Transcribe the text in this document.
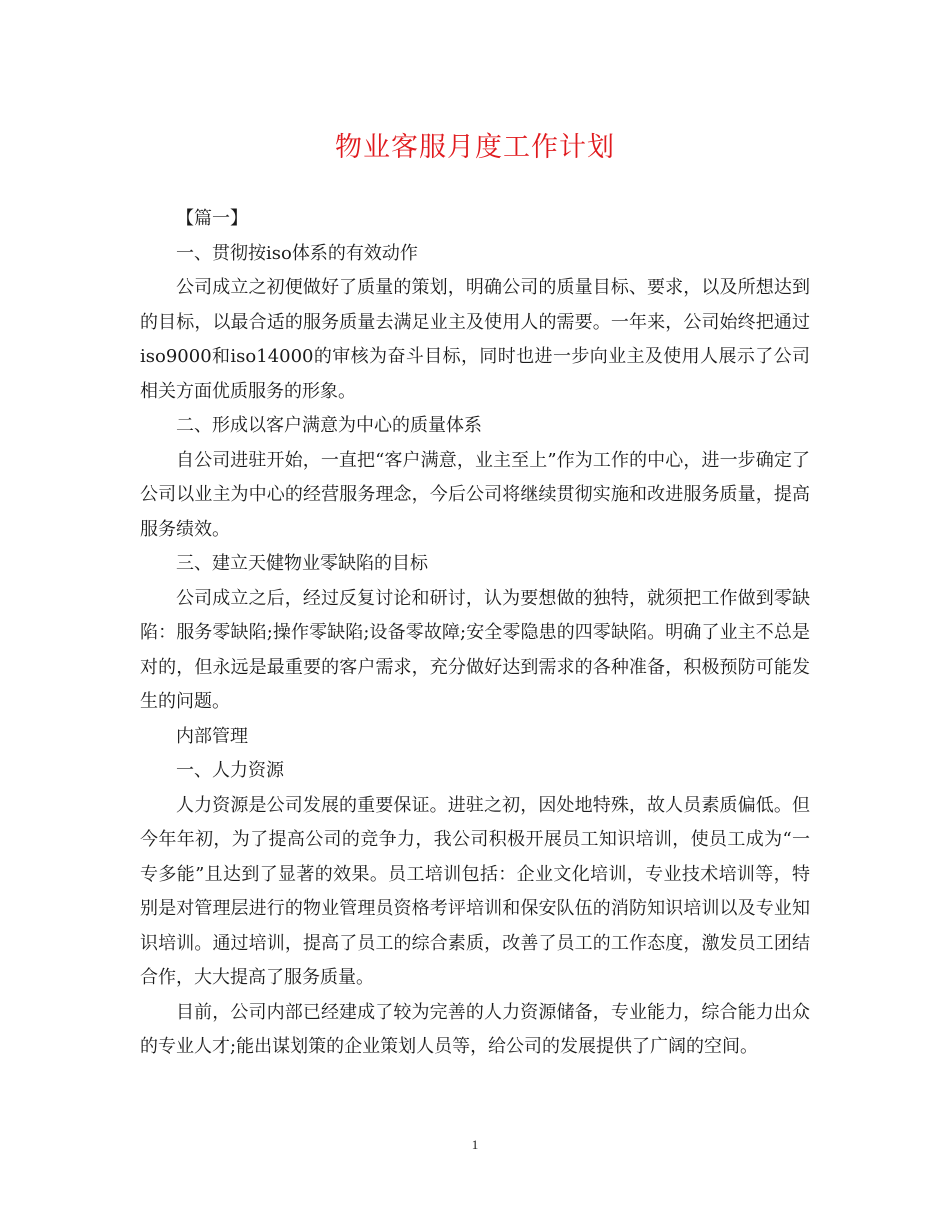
物业客服月度工作计划

【篇一】

一、贯彻按iso体系的有效动作

公司成立之初便做好了质量的策划，明确公司的质量目标、要求，以及所想达到的目标，以最合适的服务质量去满足业主及使用人的需要。一年来，公司始终把通过iso9000和iso14000的审核为奋斗目标，同时也进一步向业主及使用人展示了公司相关方面优质服务的形象。

二、形成以客户满意为中心的质量体系

自公司进驻开始，一直把“客户满意，业主至上”作为工作的中心，进一步确定了公司以业主为中心的经营服务理念，今后公司将继续贯彻实施和改进服务质量，提高服务绩效。

三、建立天健物业零缺陷的目标

公司成立之后，经过反复讨论和研讨，认为要想做的独特，就须把工作做到零缺陷：服务零缺陷;操作零缺陷;设备零故障;安全零隐患的四零缺陷。明确了业主不总是对的，但永远是最重要的客户需求，充分做好达到需求的各种准备，积极预防可能发生的问题。

内部管理

一、人力资源

人力资源是公司发展的重要保证。进驻之初，因处地特殊，故人员素质偏低。但今年年初，为了提高公司的竞争力，我公司积极开展员工知识培训，使员工成为“一专多能”且达到了显著的效果。员工培训包括：企业文化培训，专业技术培训等，特别是对管理层进行的物业管理员资格考评培训和保安队伍的消防知识培训以及专业知识培训。通过培训，提高了员工的综合素质，改善了员工的工作态度，激发员工团结合作，大大提高了服务质量。

目前，公司内部已经建成了较为完善的人力资源储备，专业能力，综合能力出众的专业人才;能出谋划策的企业策划人员等，给公司的发展提供了广阔的空间。

1
